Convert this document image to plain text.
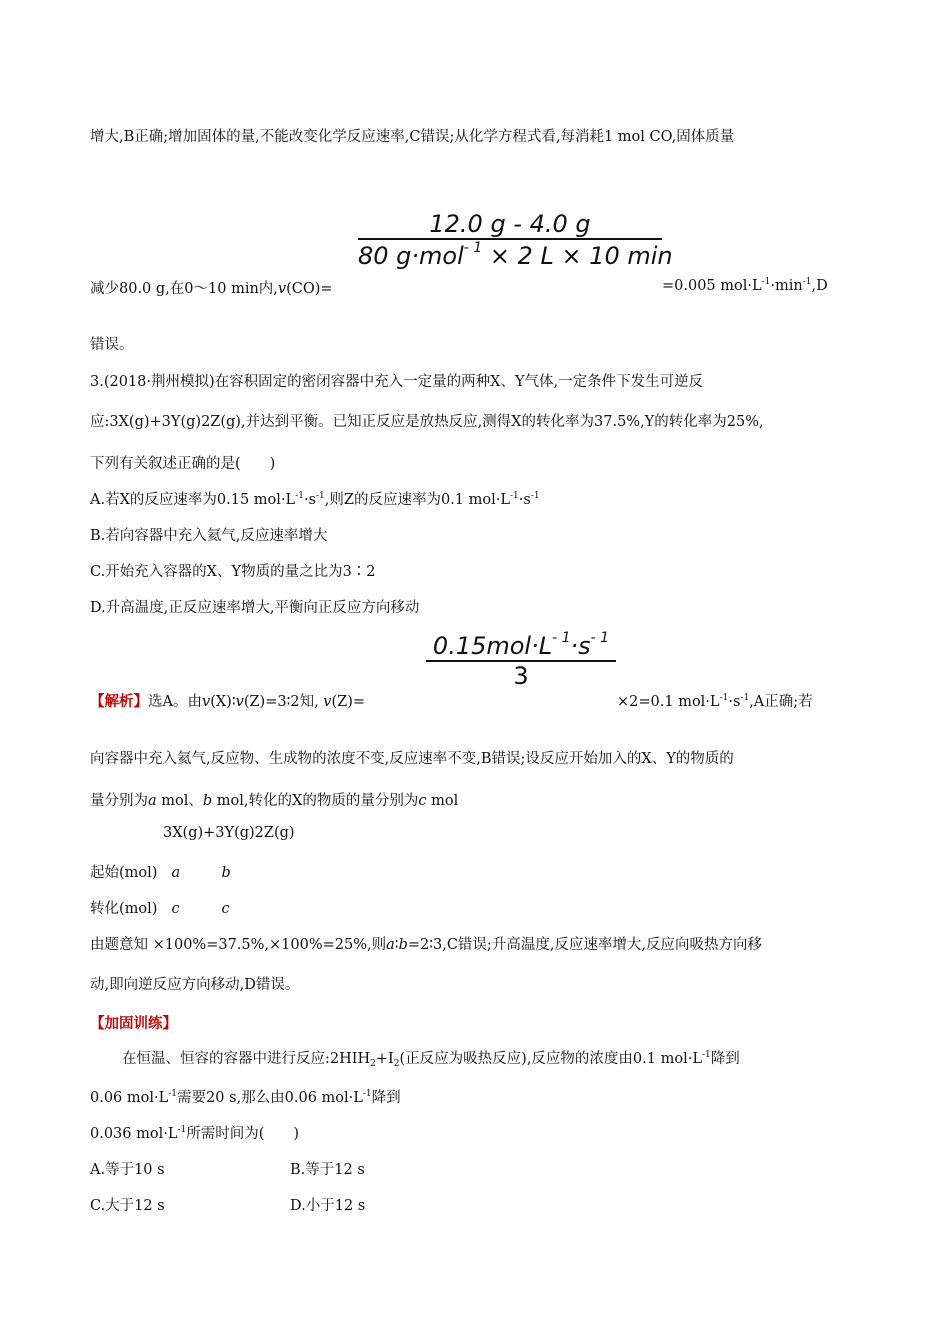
增大,B正确;增加固体的量,不能改变化学反应速率,C错误;从化学方程式看,每消耗1 mol CO,固体质量
12.0 g - 4.0 g
80 g·mol$^{- 1}$ × 2 L × 10 min
减少80.0 g,在0～10 min内,v(CO)=	=0.005 $mol\cdot L^{-1}\cdot\min^{-1},D$
错误。
3.(2018·荆州模拟)在容积固定的密闭容器中充入一定量的两种X、Y气体,一定条件下发生可逆反
应:3X(g)+3Y(g)2Z(g),并达到平衡。已知正反应是放热反应,测得X的转化率为37.5%,Y的转化率为25%,
下列有关叙述正确的是(　　)
A.若X的反应速率为0.15 $mol\cdot L^{-1}\cdot s^{-1}$,则Z的反应速率为0.1 $mol\cdot L^{-1}\cdot s^{-1}$
B.若向容器中充入氦气,反应速率增大
C.开始充入容器的X、Y物质的量之比为3∶2
D.升高温度,正反应速率增大,平衡向正反应方向移动
$0.15mol\cdot L^{- 1}\cdot s^{- 1}$
3
【解析】选A。由v(X)∶v(Z)=3∶2知, v(Z)=	×2=0.1 $mol\cdot L^{-1}\cdot s^{-1},A$正确;若
向容器中充入氦气,反应物、生成物的浓度不变,反应速率不变,B错误;设反应开始加入的X、Y的物质的
量分别为a mol、b mol,转化的X的物质的量分别为c mol
3X(g)+3Y(g)2Z(g)
起始(mol) a	b
转化(mol) c	c
由题意知 ×100%=37.5%,×100%=25%,则a∶b=2∶3,C错误;升高温度,反应速率增大,反应向吸热方向移
动,即向逆反应方向移动,D错误。
【加固训练】
在恒温、恒容的容器中进行反应$:2HIH_2+I_2$(正反应为吸热反应),反应物的浓度由0.1 $mol\cdot L^{-1}$降到
0.06 $mol\cdot L^{-1}$需要20 s,那么由0.06 $mol\cdot L^{-1}$降到
0.036 $mol\cdot L^{-1}$所需时间为(　　)
A.等于10 s	B.等于12 s
C.大于12 s	D.小于12 s
